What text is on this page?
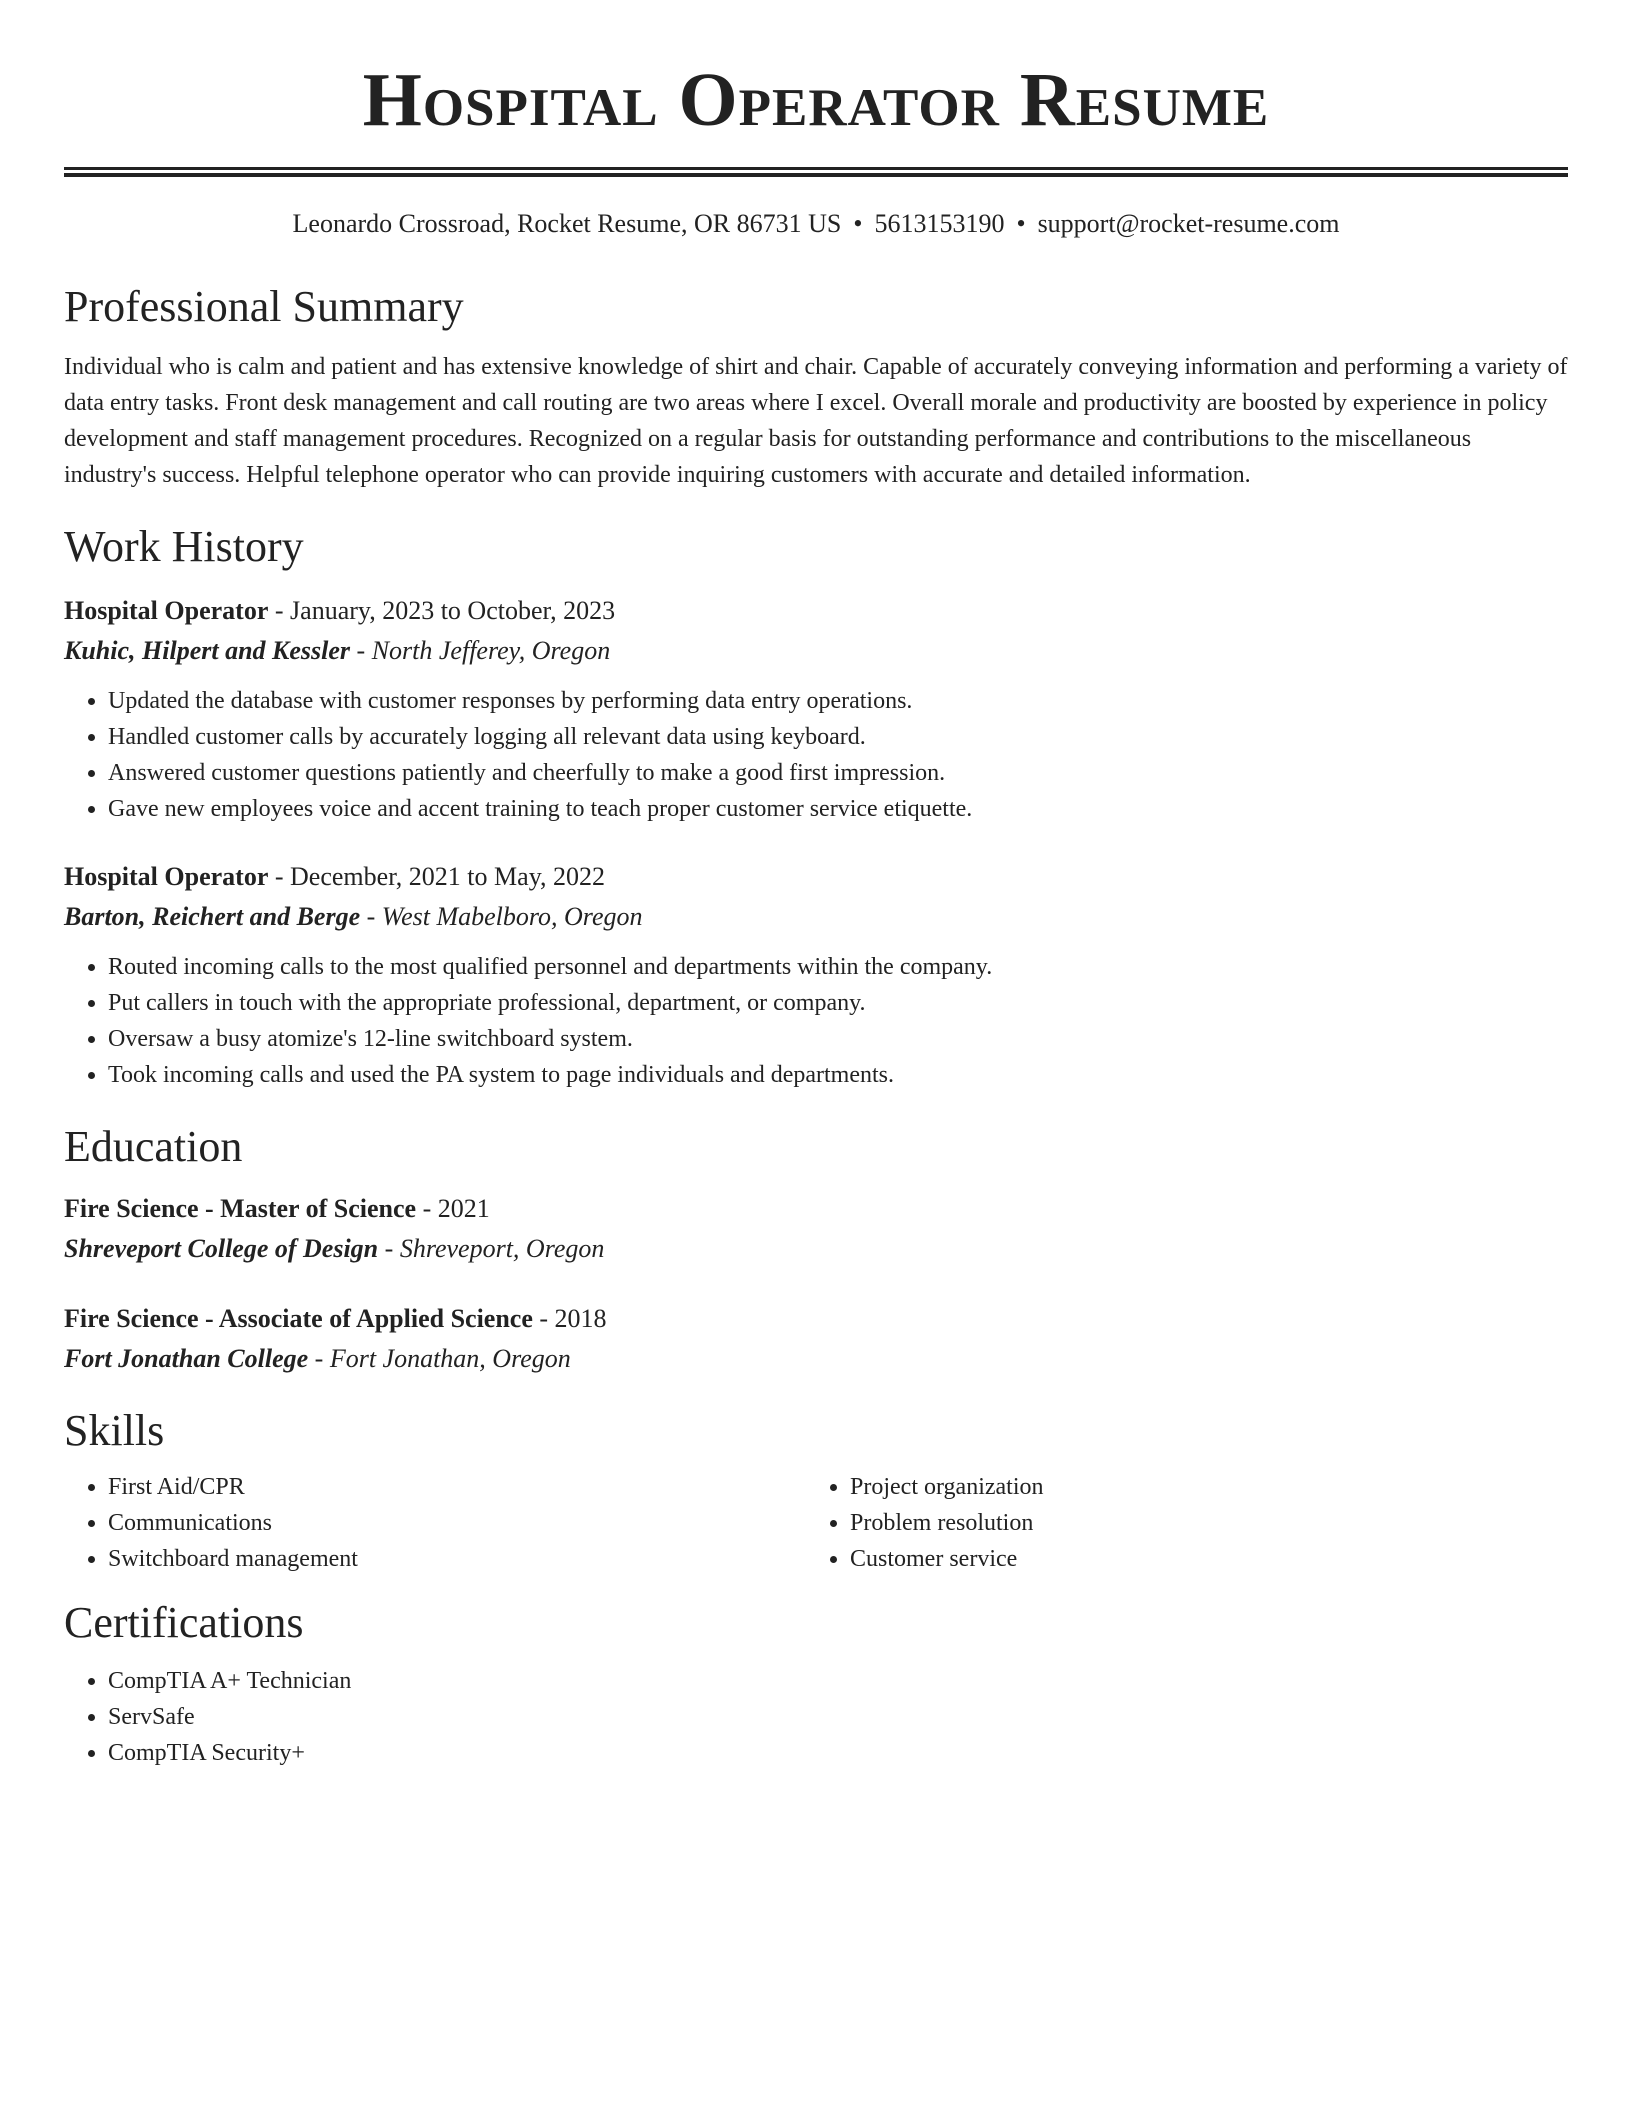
Hospital Operator Resume
Leonardo Crossroad, Rocket Resume, OR 86731 US • 5613153190 • support@rocket-resume.com
Professional Summary

Individual who is calm and patient and has extensive knowledge of shirt and chair. Capable of accurately conveying information and performing a variety of data entry tasks. Front desk management and call routing are two areas where I excel. Overall morale and productivity are boosted by experience in policy development and staff management procedures. Recognized on a regular basis for outstanding performance and contributions to the miscellaneous industry's success. Helpful telephone operator who can provide inquiring customers with accurate and detailed information.

Work History
Hospital Operator - January, 2023 to October, 2023
Kuhic, Hilpert and Kessler - North Jefferey, Oregon
• Updated the database with customer responses by performing data entry operations.
• Handled customer calls by accurately logging all relevant data using keyboard.
• Answered customer questions patiently and cheerfully to make a good first impression.
• Gave new employees voice and accent training to teach proper customer service etiquette.
Hospital Operator - December, 2021 to May, 2022
Barton, Reichert and Berge - West Mabelboro, Oregon
• Routed incoming calls to the most qualified personnel and departments within the company.
• Put callers in touch with the appropriate professional, department, or company.
• Oversaw a busy atomize's 12-line switchboard system.
• Took incoming calls and used the PA system to page individuals and departments.
Education
Fire Science - Master of Science - 2021
Shreveport College of Design - Shreveport, Oregon
Fire Science - Associate of Applied Science - 2018
Fort Jonathan College - Fort Jonathan, Oregon
Skills
• First Aid/CPR
• Communications
• Switchboard management
• Project organization
• Problem resolution
• Customer service
Certifications
• CompTIA A+ Technician
• ServSafe
• CompTIA Security+
